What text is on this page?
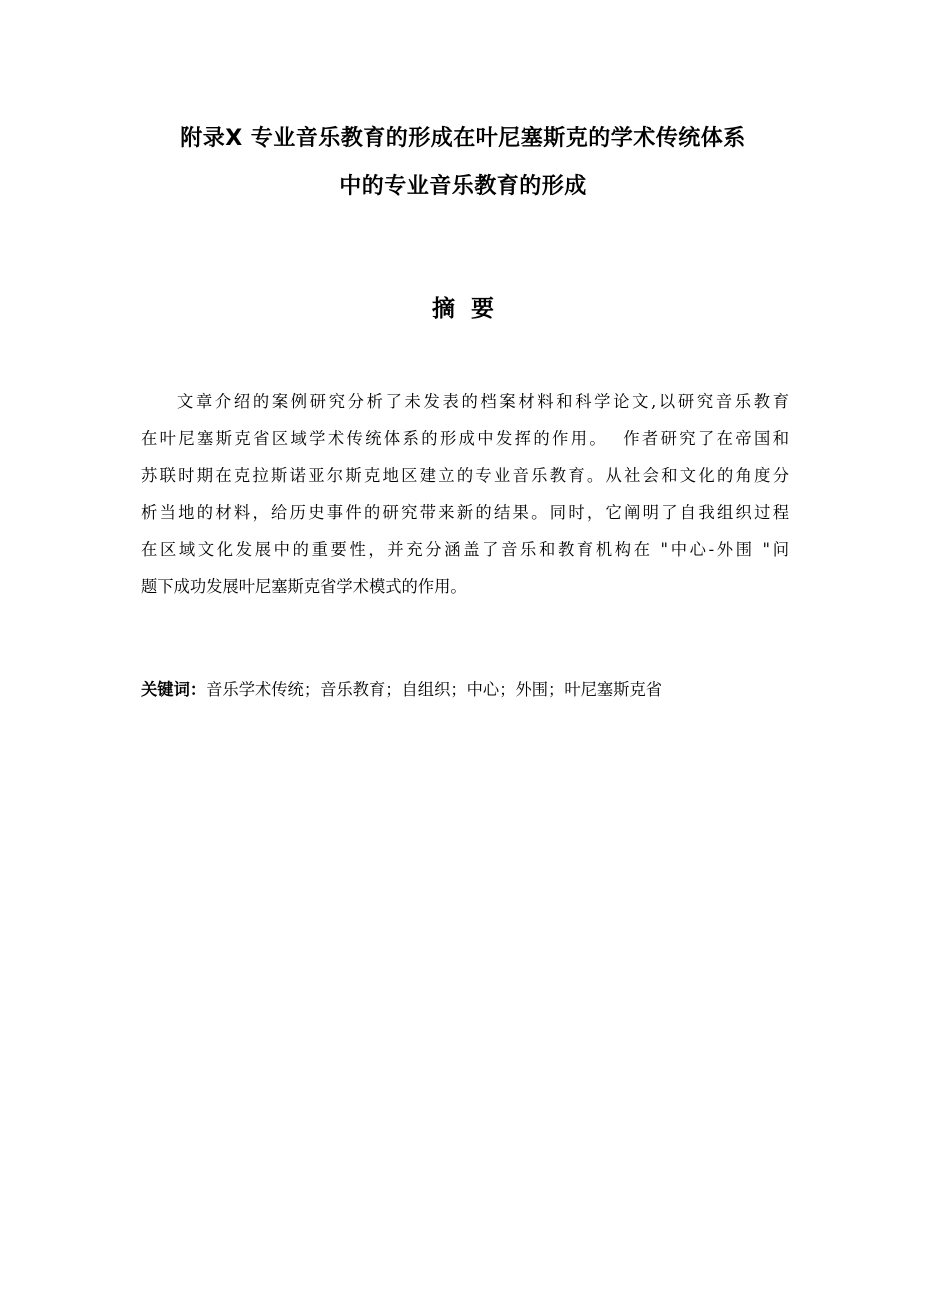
附录X 专业音乐教育的形成在叶尼塞斯克的学术传统体系
中的专业音乐教育的形成
摘  要
文章介绍的案例研究分析了未发表的档案材料和科学论文,以研究音乐教育
在叶尼塞斯克省区域学术传统体系的形成中发挥的作用。  作者研究了在帝国和
苏联时期在克拉斯诺亚尔斯克地区建立的专业音乐教育。从社会和文化的角度分
析当地的材料，给历史事件的研究带来新的结果。同时，它阐明了自我组织过程
在区域文化发展中的重要性，并充分涵盖了音乐和教育机构在 "中心-外围 "问
题下成功发展叶尼塞斯克省学术模式的作用。

关键词：音乐学术传统；音乐教育；自组织；中心；外围；叶尼塞斯克省
